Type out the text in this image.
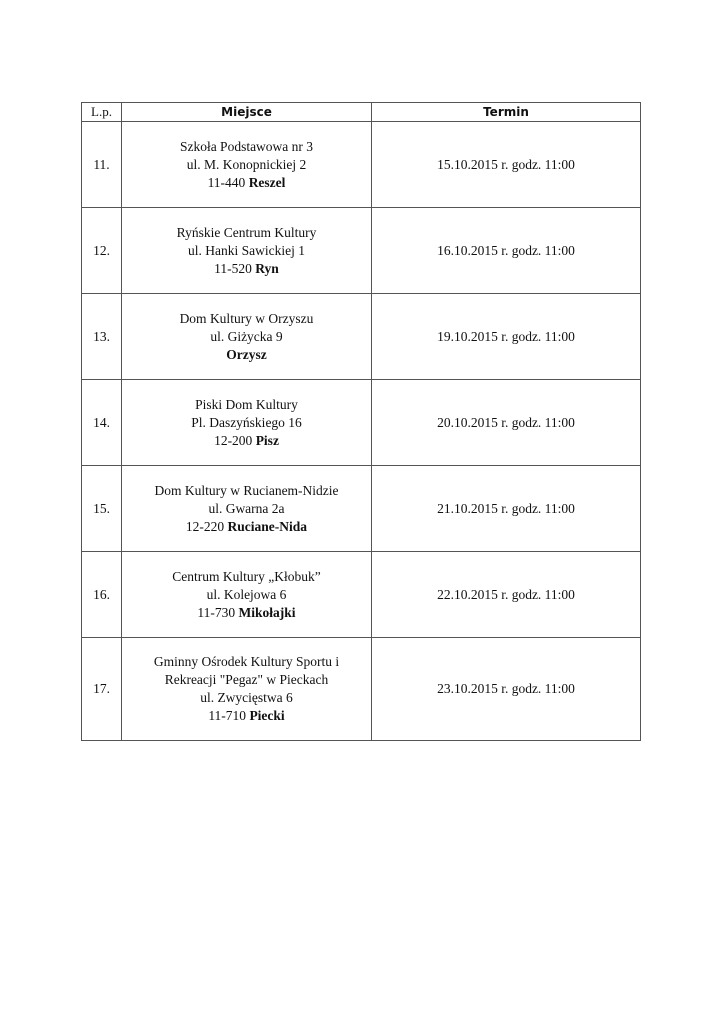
L.p.	Miejsce	Termin
11.	Szkoła Podstawowa nr 3
ul. M. Konopnickiej 2
11-440 Reszel	15.10.2015 r. godz. 11:00
12.	Ryńskie Centrum Kultury
ul. Hanki Sawickiej 1
11-520 Ryn	16.10.2015 r. godz. 11:00
13.	Dom Kultury w Orzyszu
ul. Giżycka 9
Orzysz	19.10.2015 r. godz. 11:00
14.	Piski Dom Kultury
Pl. Daszyńskiego 16
12-200 Pisz	20.10.2015 r. godz. 11:00
15.	Dom Kultury w Rucianem-Nidzie
ul. Gwarna 2a
12-220 Ruciane-Nida	21.10.2015 r. godz. 11:00
16.	Centrum Kultury „Kłobuk”
ul. Kolejowa 6
11-730 Mikołajki	22.10.2015 r. godz. 11:00
17.	Gminny Ośrodek Kultury Sportu i
Rekreacji "Pegaz" w Pieckach
ul. Zwycięstwa 6
11-710 Piecki	23.10.2015 r. godz. 11:00
